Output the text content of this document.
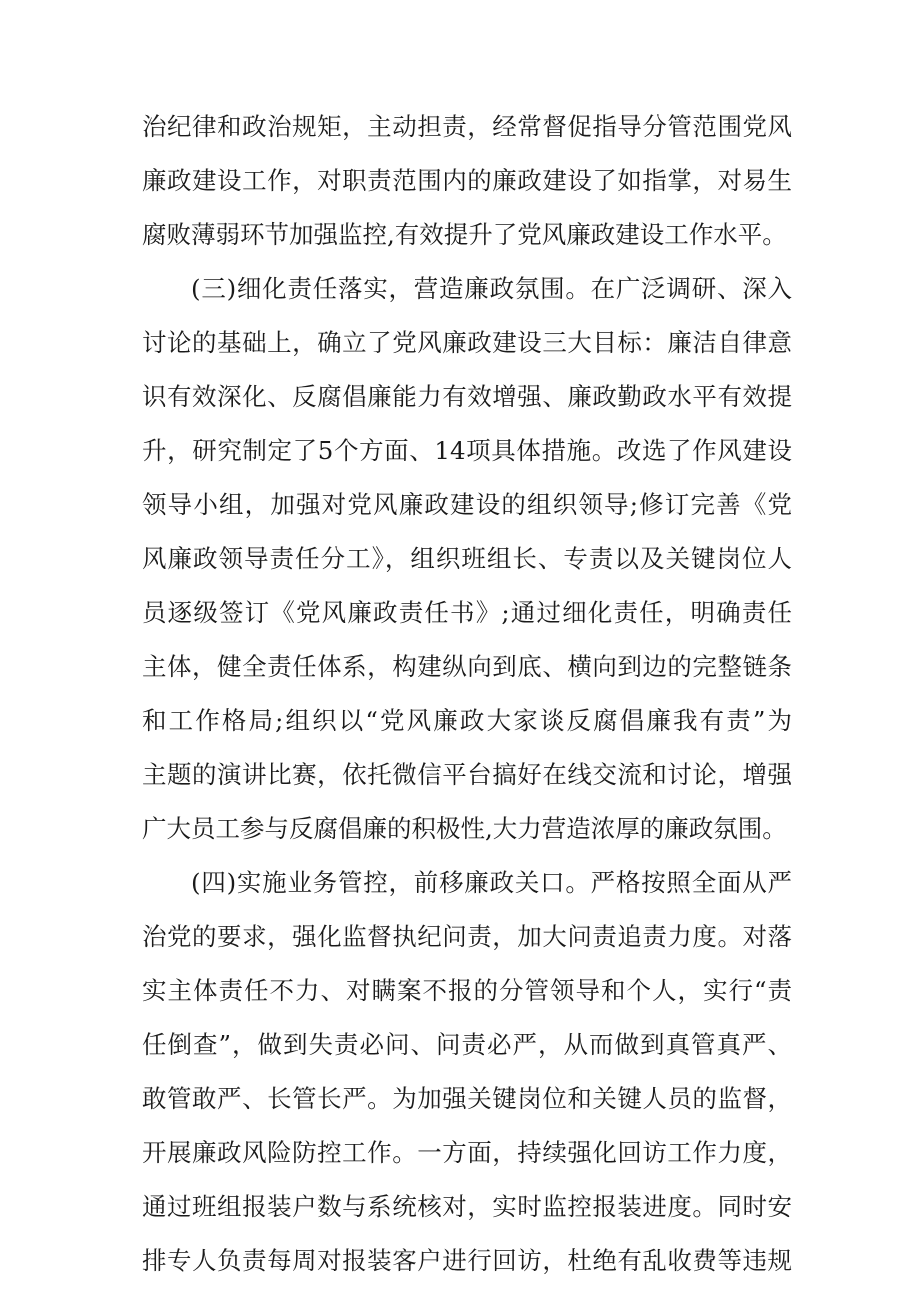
治纪律和政治规矩，主动担责，经常督促指导分管范围党风
廉政建设工作，对职责范围内的廉政建设了如指掌，对易生
腐败薄弱环节加强监控,有效提升了党风廉政建设工作水平。
(三)细化责任落实，营造廉政氛围。在广泛调研、深入
讨论的基础上，确立了党风廉政建设三大目标：廉洁自律意
识有效深化、反腐倡廉能力有效增强、廉政勤政水平有效提
升，研究制定了5个方面、14项具体措施。改选了作风建设
领导小组，加强对党风廉政建设的组织领导;修订完善《党
风廉政领导责任分工》，组织班组长、专责以及关键岗位人
员逐级签订《党风廉政责任书》;通过细化责任，明确责任
主体，健全责任体系，构建纵向到底、横向到边的完整链条
和工作格局;组织以“党风廉政大家谈反腐倡廉我有责”为
主题的演讲比赛，依托微信平台搞好在线交流和讨论，增强
广大员工参与反腐倡廉的积极性,大力营造浓厚的廉政氛围。
(四)实施业务管控，前移廉政关口。严格按照全面从严
治党的要求，强化监督执纪问责，加大问责追责力度。对落
实主体责任不力、对瞒案不报的分管领导和个人，实行“责
任倒查”，做到失责必问、问责必严，从而做到真管真严、
敢管敢严、长管长严。为加强关键岗位和关键人员的监督，
开展廉政风险防控工作。一方面，持续强化回访工作力度，
通过班组报装户数与系统核对，实时监控报装进度。同时安
排专人负责每周对报装客户进行回访，杜绝有乱收费等违规
